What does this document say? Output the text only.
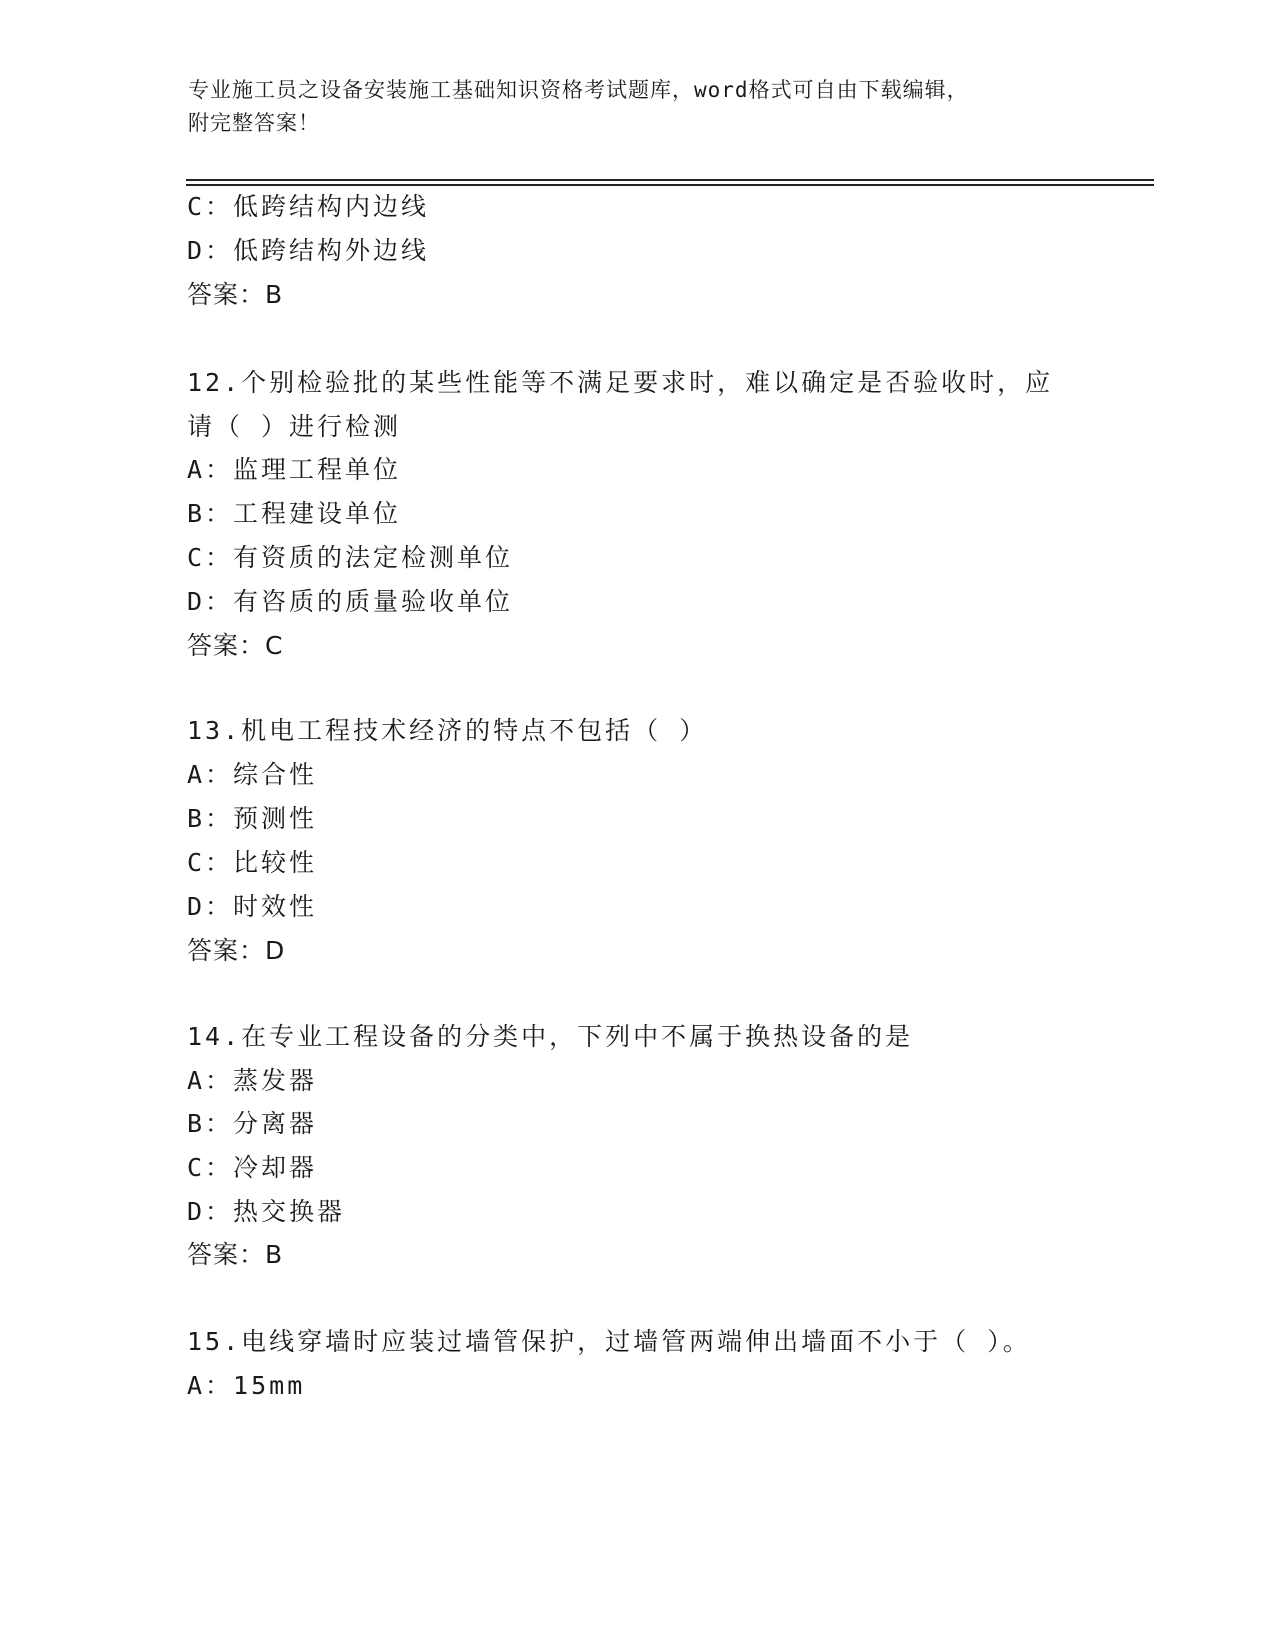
专业施工员之设备安装施工基础知识资格考试题库，word格式可自由下载编辑，
附完整答案！
C：低跨结构内边线
D：低跨结构外边线
答案：B
12.个别检验批的某些性能等不满足要求时，难以确定是否验收时，应
请（ ）进行检测
A：监理工程单位
B：工程建设单位
C：有资质的法定检测单位
D：有咨质的质量验收单位
答案：C
13.机电工程技术经济的特点不包括（ ）
A：综合性
B：预测性
C：比较性
D：时效性
答案：D
14.在专业工程设备的分类中，下列中不属于换热设备的是
A：蒸发器
B：分离器
C：冷却器
D：热交换器
答案：B
15.电线穿墙时应装过墙管保护，过墙管两端伸出墙面不小于（ ）。
A：15mm
